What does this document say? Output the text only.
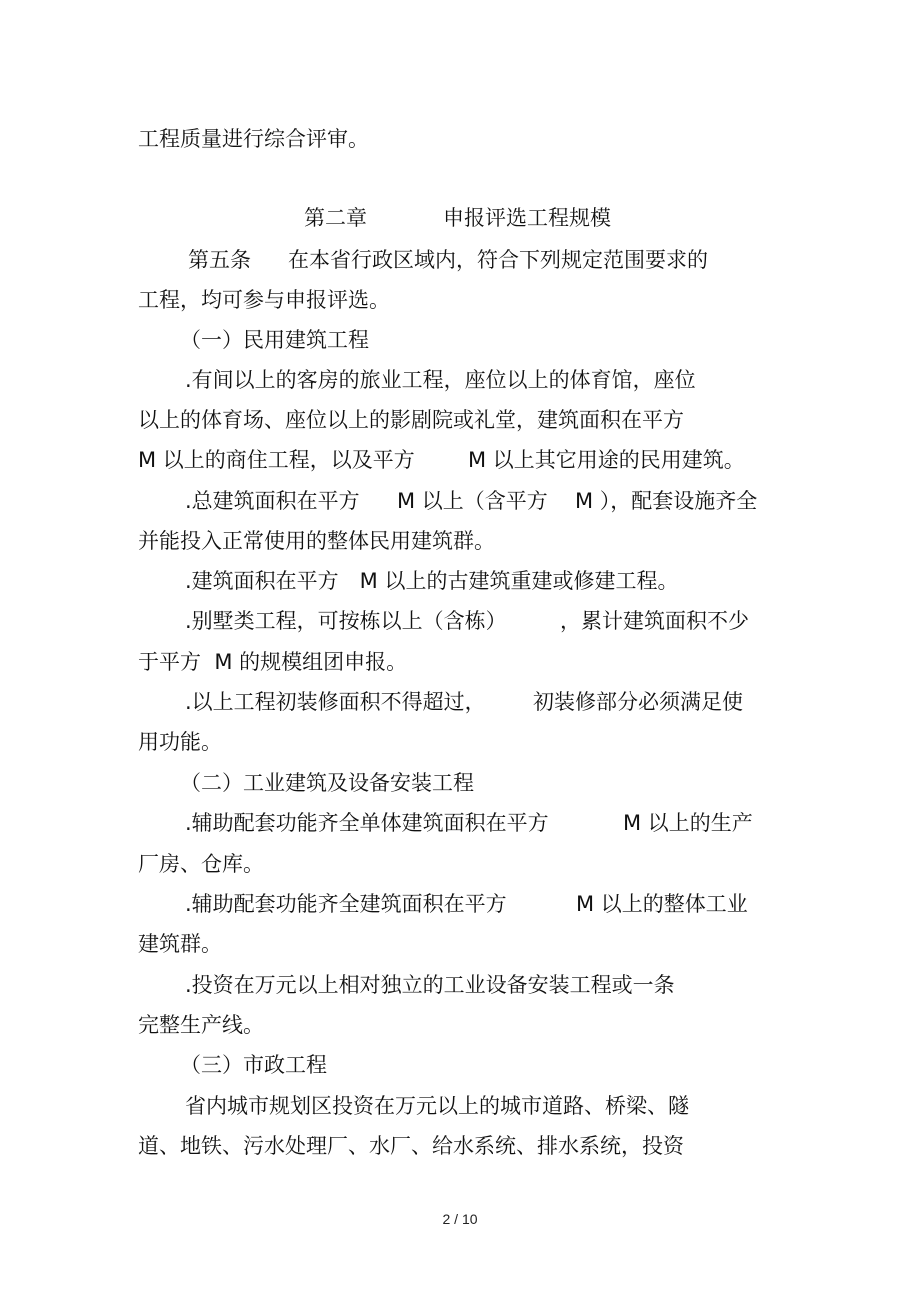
工程质量进行综合评审。
第二章	申报评选工程规模
第五条 在本省行政区域内，符合下列规定范围要求的
工程，均可参与申报评选。
（一）民用建筑工程
.有间以上的客房的旅业工程，座位以上的体育馆，座位
以上的体育场、座位以上的影剧院或礼堂，建筑面积在平方
M 以上的商住工程，以及平方	M 以上其它用途的民用建筑。
.总建筑面积在平方 M 以上（含平方 M ），配套设施齐全
并能投入正常使用的整体民用建筑群。
.建筑面积在平方　M 以上的古建筑重建或修建工程。
.别墅类工程，可按栋以上（含栋）	，累计建筑面积不少
于平方  M 的规模组团申报。
.以上工程初装修面积不得超过， 初装修部分必须满足使
用功能。
（二）工业建筑及设备安装工程
.辅助配套功能齐全单体建筑面积在平方	M 以上的生产
厂房、仓库。
.辅助配套功能齐全建筑面积在平方	M 以上的整体工业
建筑群。
.投资在万元以上相对独立的工业设备安装工程或一条
完整生产线。
（三）市政工程
省内城市规划区投资在万元以上的城市道路、桥梁、隧
道、地铁、污水处理厂、水厂、给水系统、排水系统，投资
2 / 10
